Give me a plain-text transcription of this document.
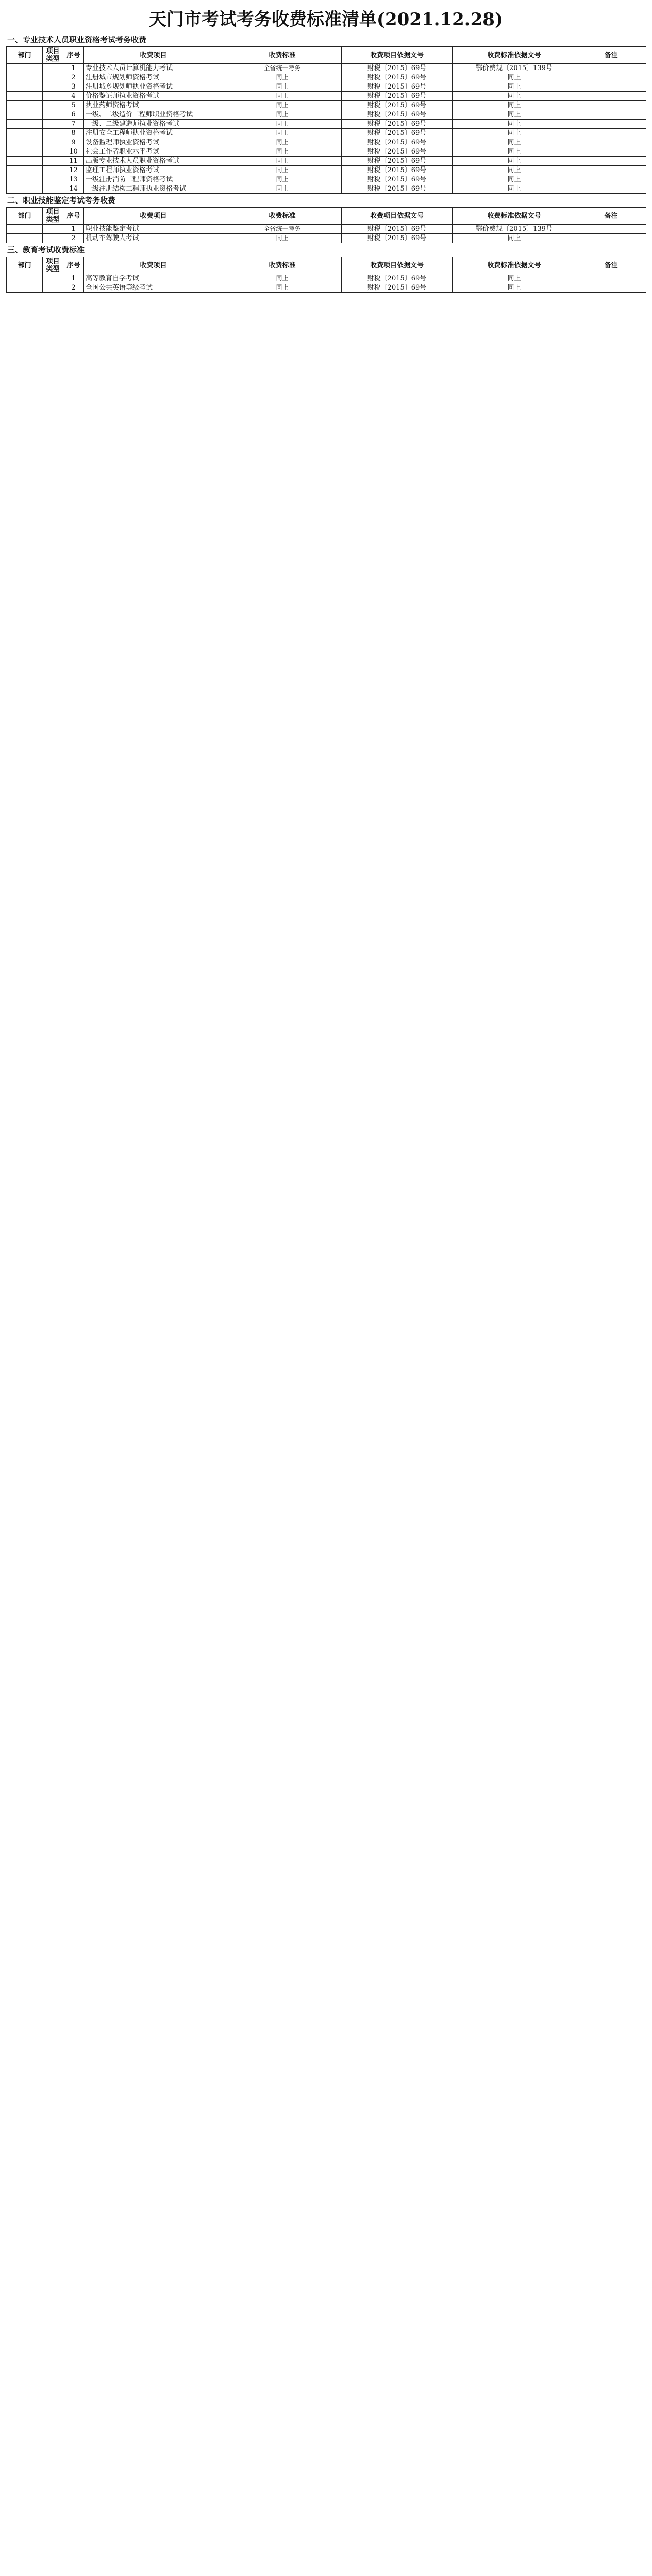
天门市考试考务收费标准清单(2021.12.28)
一、专业技术人员职业资格考试考务收费
部门	项目类型	序号	收费项目	收费标准	收费项目依据文号	收费标准依据文号	备注
		1	专业技术人员计算机能力考试	全省统一考务	财税〔2015〕69号	鄂价费规〔2015〕139号	
		2	注册城市规划师资格考试	同上	财税〔2015〕69号	同上	
		3	注册城乡规划师执业资格考试	同上	财税〔2015〕69号	同上	
		4	价格鉴证师执业资格考试	同上	财税〔2015〕69号	同上	
		5	执业药师资格考试	同上	财税〔2015〕69号	同上	
		6	一级、二级造价工程师职业资格考试	同上	财税〔2015〕69号	同上	
		7	一级、二级建造师执业资格考试	同上	财税〔2015〕69号	同上	
		8	注册安全工程师执业资格考试	同上	财税〔2015〕69号	同上	
		9	设备监理师执业资格考试	同上	财税〔2015〕69号	同上	
		10	社会工作者职业水平考试	同上	财税〔2015〕69号	同上	
		11	出版专业技术人员职业资格考试	同上	财税〔2015〕69号	同上	
		12	监理工程师执业资格考试	同上	财税〔2015〕69号	同上	
		13	一级注册消防工程师资格考试	同上	财税〔2015〕69号	同上	
		14	一级注册结构工程师执业资格考试	同上	财税〔2015〕69号	同上	
二、职业技能鉴定考试考务收费
部门	项目类型	序号	收费项目	收费标准	收费项目依据文号	收费标准依据文号	备注
		1	职业技能鉴定考试	全省统一考务	财税〔2015〕69号	鄂价费规〔2015〕139号	
		2	机动车驾驶人考试	同上	财税〔2015〕69号	同上	
三、教育考试收费标准
部门	项目类型	序号	收费项目	收费标准	收费项目依据文号	收费标准依据文号	备注
		1	高等教育自学考试	同上	财税〔2015〕69号	同上	
		2	全国公共英语等级考试	同上	财税〔2015〕69号	同上	
